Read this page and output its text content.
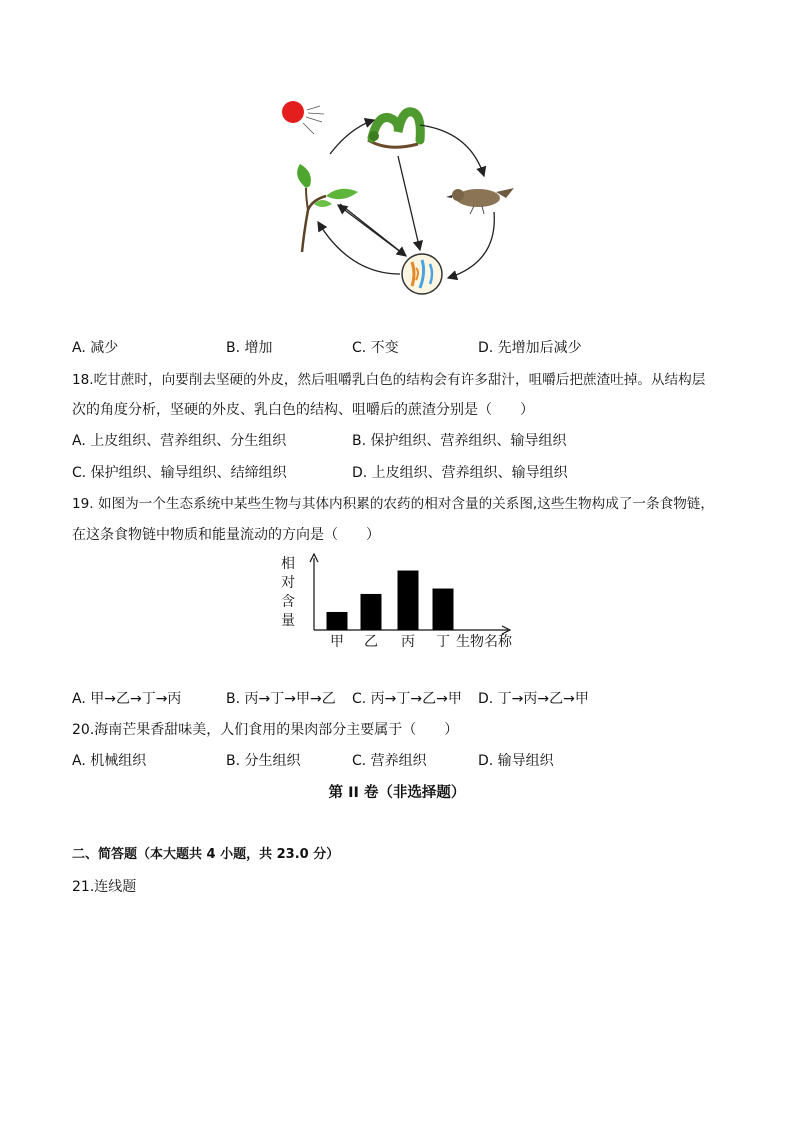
A. 减少	B. 增加	C. 不变	D. 先增加后减少
18.吃甘蔗时，向要削去坚硬的外皮，然后咀嚼乳白色的结构会有许多甜汁，咀嚼后把蔗渣吐掉。从结构层
次的角度分析，坚硬的外皮、乳白色的结构、咀嚼后的蔗渣分别是（　　）
A. 上皮组织、营养组织、分生组织	B. 保护组织、营养组织、输导组织
C. 保护组织、输导组织、结缔组织	D. 上皮组织、营养组织、输导组织
19. 如图为一个生态系统中某些生物与其体内积累的农药的相对含量的关系图,这些生物构成了一条食物链，
在这条食物链中物质和能量流动的方向是（　　）
相
对
含
量
甲 乙 丙 丁 生物名称
A. 甲→乙→丁→丙	B. 丙→丁→甲→乙 C. 丙→丁→乙→甲 D. 丁→丙→乙→甲
20.海南芒果香甜味美，人们食用的果肉部分主要属于（　　）
A. 机械组织	B. 分生组织	C. 营养组织	D. 输导组织
第 II 卷（非选择题）
二、简答题（本大题共 4 小题，共 23.0 分）
21.连线题
